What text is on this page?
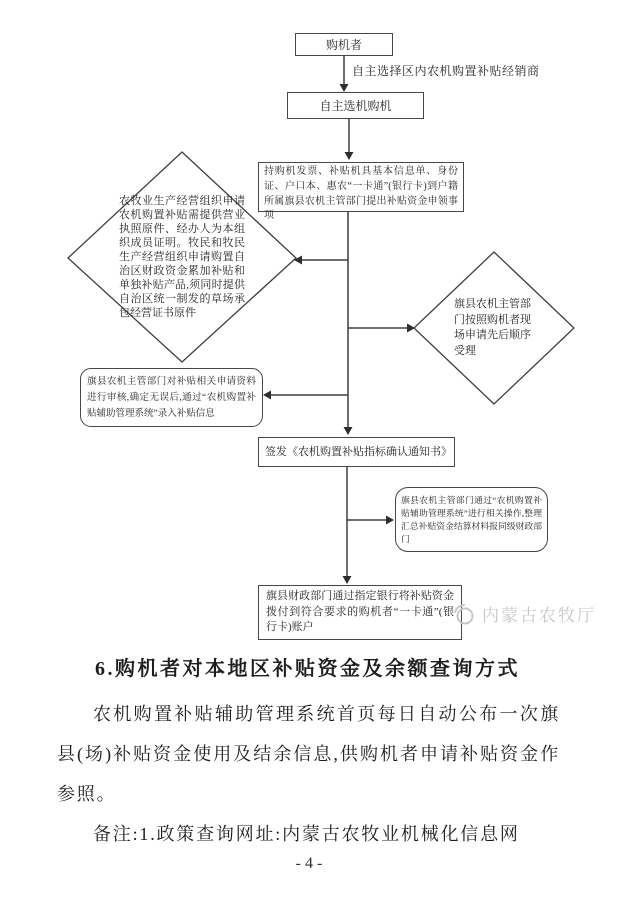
购机者
自主选择区内农机购置补贴经销商
自主选机购机
持购机发票、补贴机具基本信息单、身份证、户口本、惠农“一卡通”(银行卡)到户籍所属旗县农机主管部门提出补贴资金申领事项
农牧业生产经营组织申请农机购置补贴需提供营业执照原件、经办人为本组织成员证明。牧民和牧民生产经营组织申请购置自治区财政资金累加补贴和单独补贴产品,须同时提供自治区统一制发的草场承包经营证书原件
旗县农机主管部门按照购机者现场申请先后顺序受理
旗县农机主管部门对补贴相关申请资料进行审核,确定无误后,通过“农机购置补贴辅助管理系统”录入补贴信息
签发《农机购置补贴指标确认通知书》
旗县农机主管部门通过“农机购置补贴辅助管理系统”进行相关操作,整理汇总补贴资金结算材料报同级财政部门
旗县财政部门通过指定银行将补贴资金拨付到符合要求的购机者“一卡通”(银行卡)账户
内蒙古农牧厅
6.购机者对本地区补贴资金及余额查询方式

农机购置补贴辅助管理系统首页每日自动公布一次旗县(场)补贴资金使用及结余信息,供购机者申请补贴资金作参照。

备注:1.政策查询网址:内蒙古农牧业机械化信息网

- 4 -
